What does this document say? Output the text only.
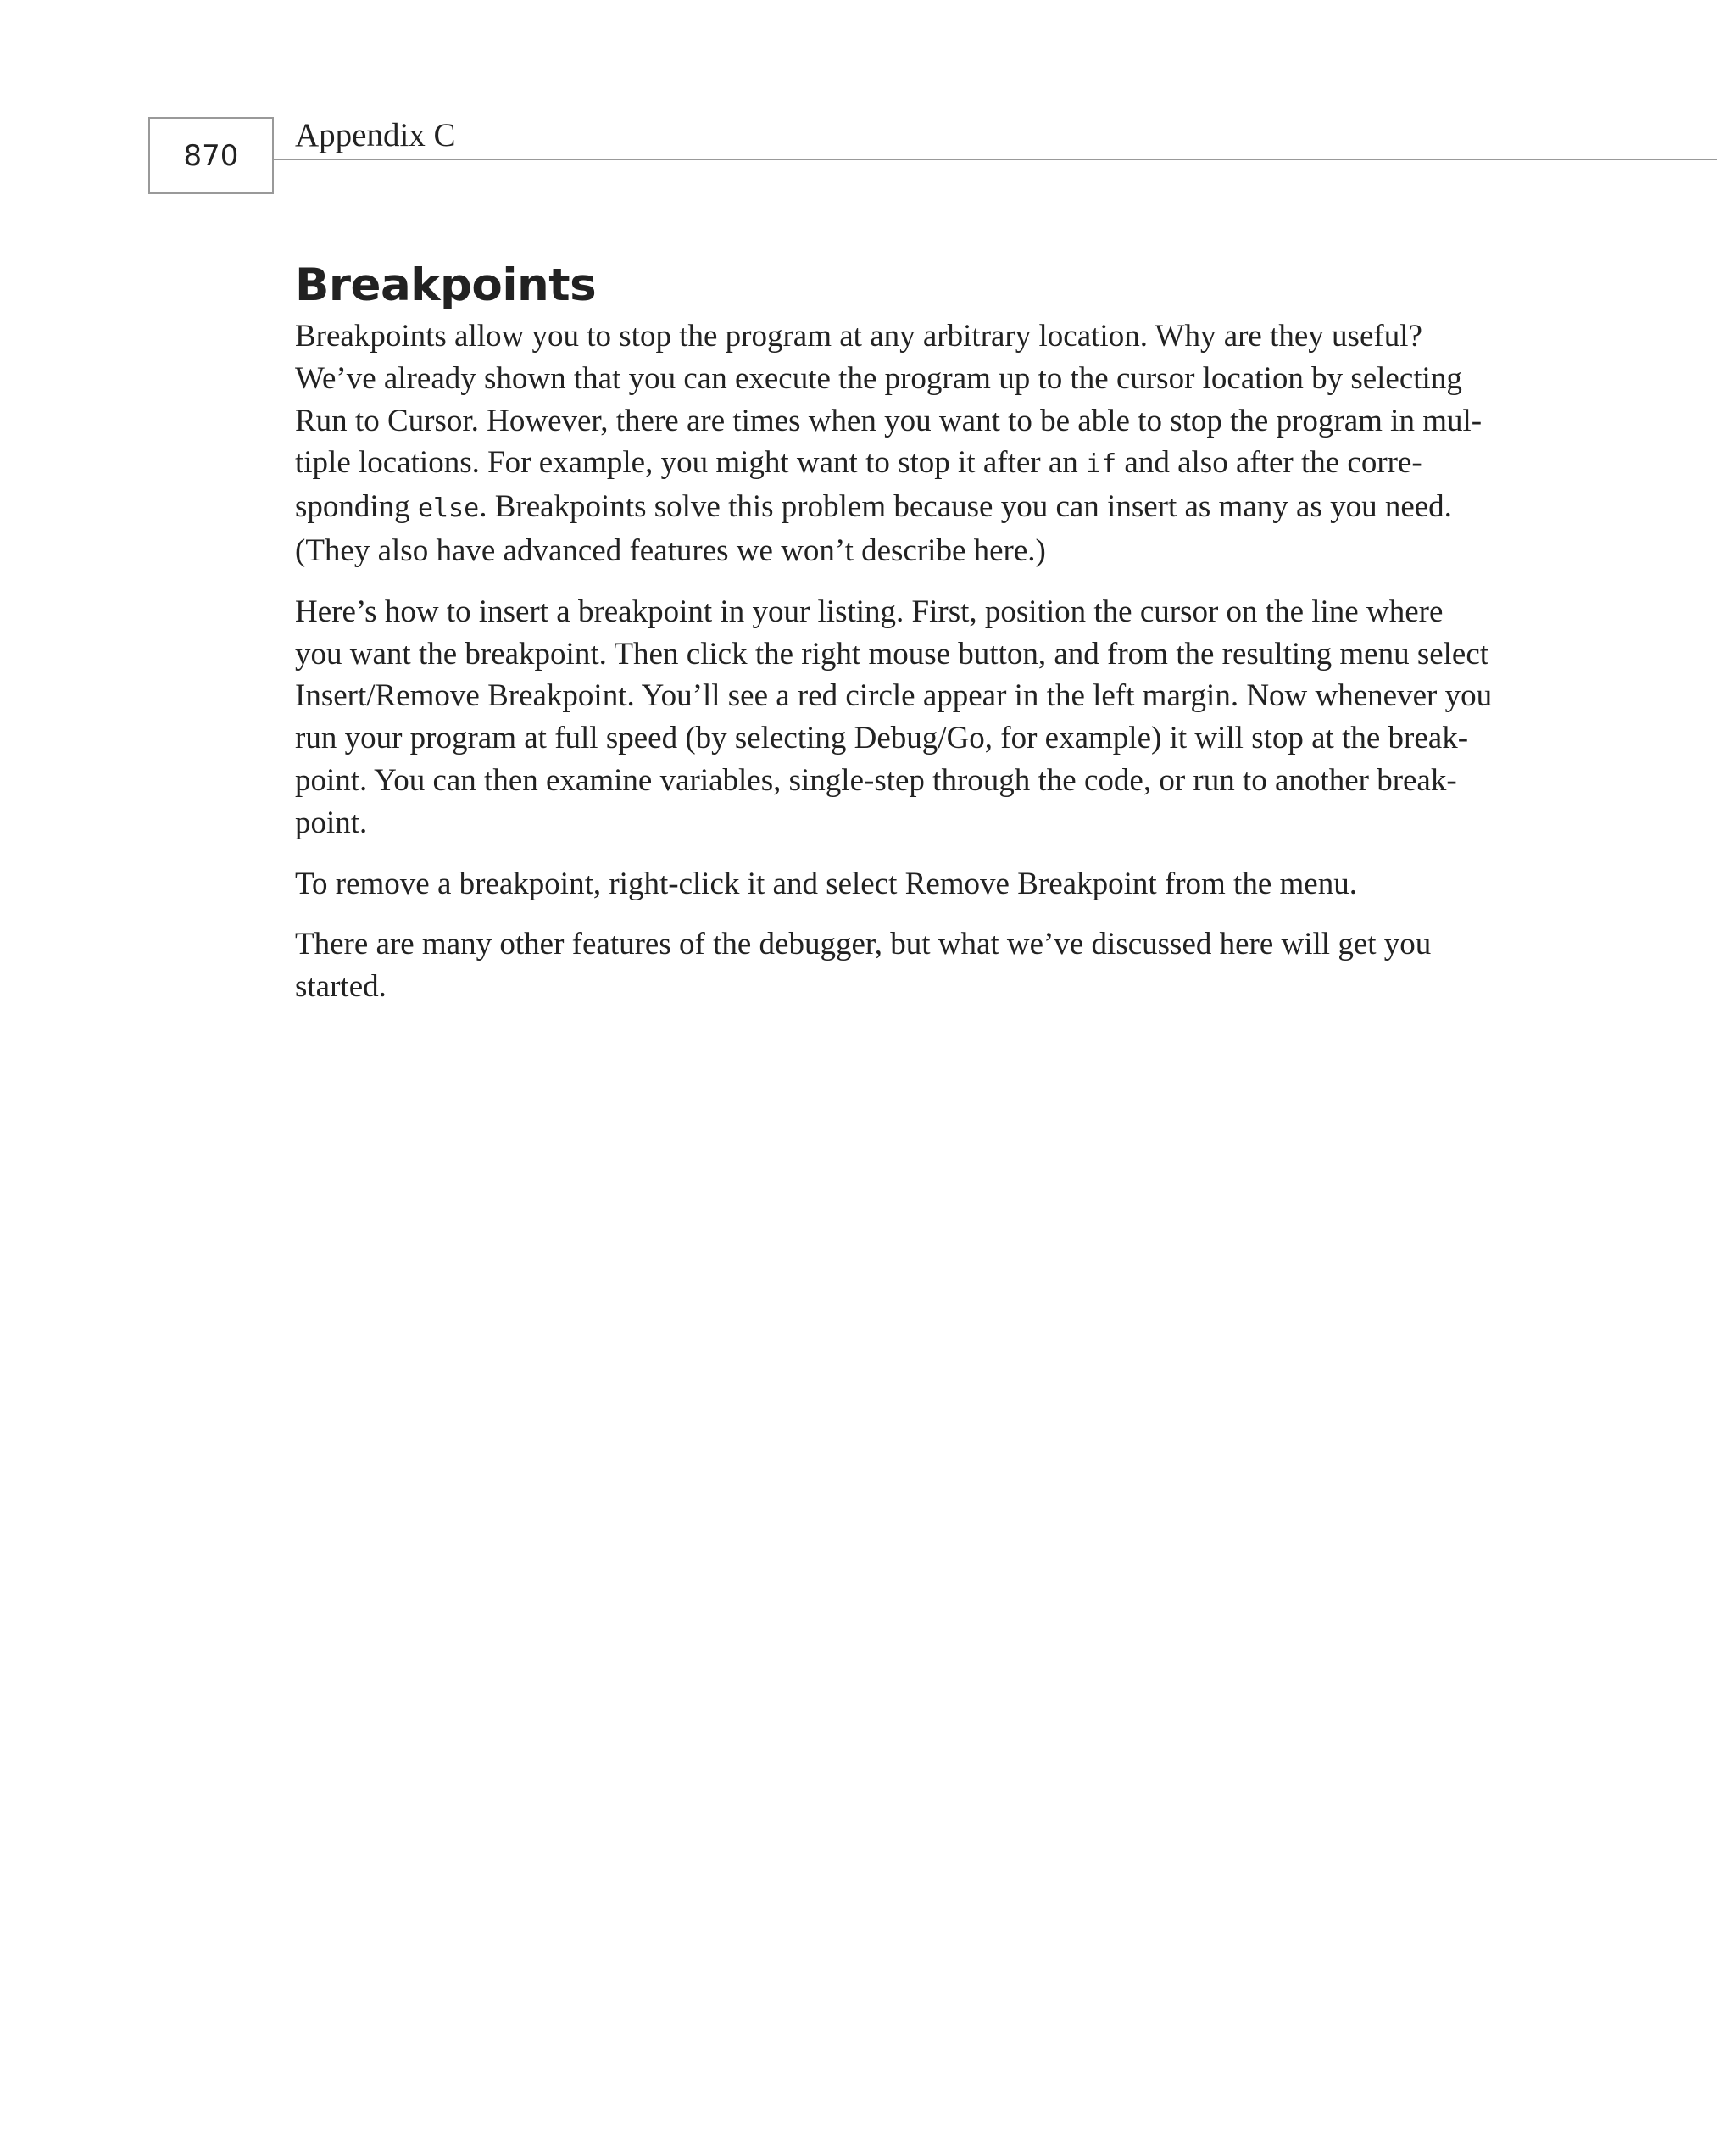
870
Appendix C
Breakpoints

Breakpoints allow you to stop the program at any arbitrary location. Why are they useful?
We’ve already shown that you can execute the program up to the cursor location by selecting
Run to Cursor. However, there are times when you want to be able to stop the program in mul-
tiple locations. For example, you might want to stop it after an if and also after the corre-
sponding else. Breakpoints solve this problem because you can insert as many as you need.
(They also have advanced features we won’t describe here.)

Here’s how to insert a breakpoint in your listing. First, position the cursor on the line where
you want the breakpoint. Then click the right mouse button, and from the resulting menu select
Insert/Remove Breakpoint. You’ll see a red circle appear in the left margin. Now whenever you
run your program at full speed (by selecting Debug/Go, for example) it will stop at the break-
point. You can then examine variables, single-step through the code, or run to another break-
point.

To remove a breakpoint, right-click it and select Remove Breakpoint from the menu.

There are many other features of the debugger, but what we’ve discussed here will get you
started.
